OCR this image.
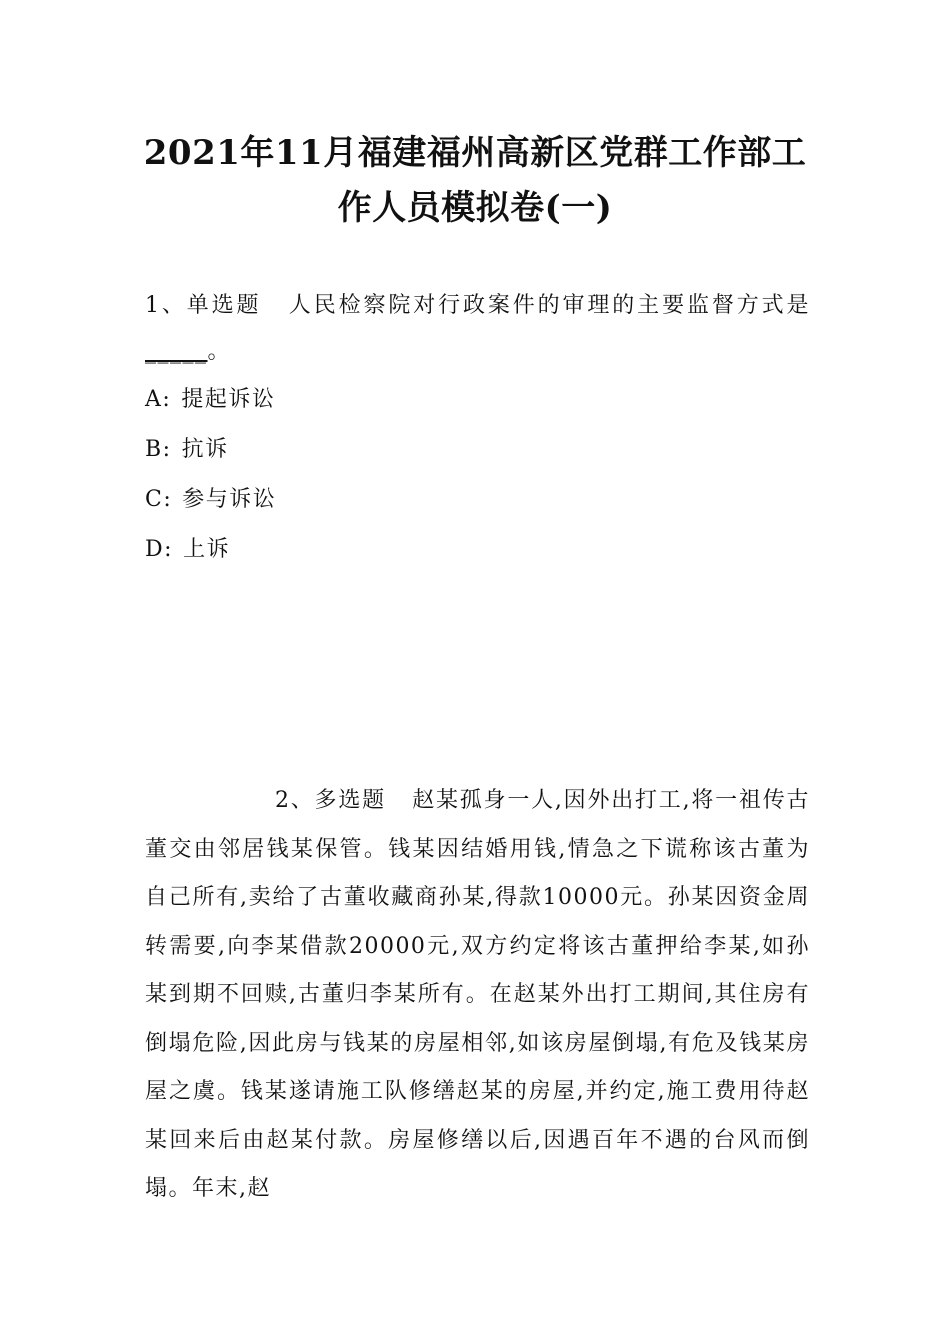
2021年11月福建福州高新区党群工作部工
作人员模拟卷(一)
1、单选题 人民检察院对行政案件的审理的主要监督方式是_____。
A: 提起诉讼
B: 抗诉
C: 参与诉讼
D: 上诉
2、多选题 赵某孤身一人,因外出打工,将一祖传古董交由邻居钱某保管。钱某因结婚用钱,情急之下谎称该古董为自己所有,卖给了古董收藏商孙某,得款10000元。孙某因资金周转需要,向李某借款20000元,双方约定将该古董押给李某,如孙某到期不回赎,古董归李某所有。在赵某外出打工期间,其住房有倒塌危险,因此房与钱某的房屋相邻,如该房屋倒塌,有危及钱某房屋之虞。钱某遂请施工队修缮赵某的房屋,并约定,施工费用待赵某回来后由赵某付款。房屋修缮以后,因遇百年不遇的台风而倒塌。年末,赵
